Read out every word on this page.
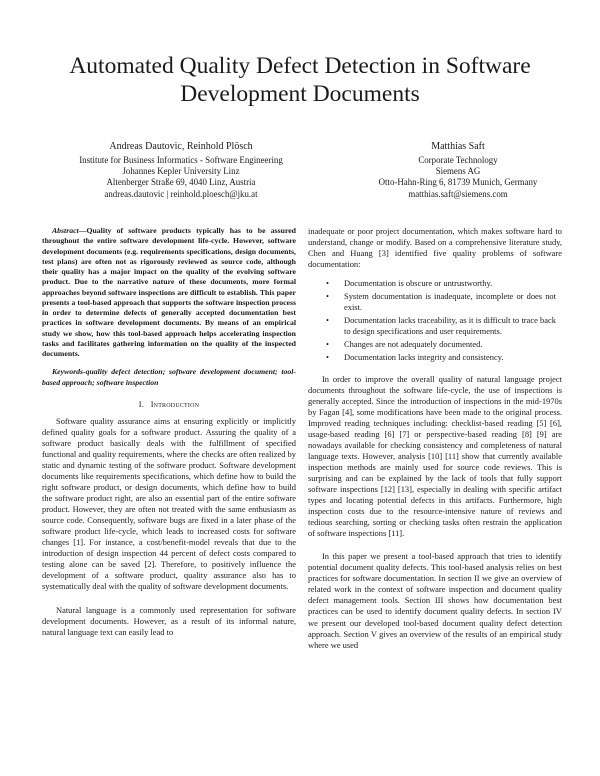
Automated Quality Defect Detection in Software Development Documents
Andreas Dautovic, Reinhold Plösch
Institute for Business Informatics - Software Engineering
Johannes Kepler University Linz
Altenberger Straße 69, 4040 Linz, Austria
andreas.dautovic | reinhold.ploesch@jku.at
Matthias Saft
Corporate Technology
Siemens AG
Otto-Hahn-Ring 6, 81739 Munich, Germany
matthias.saft@siemens.com

Abstract—Quality of software products typically has to be assured throughout the entire software development life-cycle. However, software development documents (e.g. requirements specifications, design documents, test plans) are often not as rigorously reviewed as source code, although their quality has a major impact on the quality of the evolving software product. Due to the narrative nature of these documents, more formal approaches beyond software inspections are difficult to establish. This paper presents a tool-based approach that supports the software inspection process in order to determine defects of generally accepted documentation best practices in software development documents. By means of an empirical study we show, how this tool-based approach helps accelerating inspection tasks and facilitates gathering information on the quality of the inspected documents.

Keywords-quality defect detection; software development document; tool-based approach; software inspection

I. Introduction

Software quality assurance aims at ensuring explicitly or implicitly defined quality goals for a software product. Assuring the quality of a software product basically deals with the fulfillment of specified functional and quality requirements, where the checks are often realized by static and dynamic testing of the software product. Software development documents like requirements specifications, which define how to build the right software product, or design documents, which define how to build the software product right, are also an essential part of the entire software product. However, they are often not treated with the same enthusiasm as source code. Consequently, software bugs are fixed in a later phase of the software product life-cycle, which leads to increased costs for software changes [1]. For instance, a cost/benefit-model reveals that due to the introduction of design inspection 44 percent of defect costs compared to testing alone can be saved [2]. Therefore, to positively influence the development of a software product, quality assurance also has to systematically deal with the quality of software development documents.

Natural language is a commonly used representation for software development documents. However, as a result of its informal nature, natural language text can easily lead to

inadequate or poor project documentation, which makes software hard to understand, change or modify. Based on a comprehensive literature study, Chen and Huang [3] identified five quality problems of software documentation:

• Documentation is obscure or untrustworthy.
• System documentation is inadequate, incomplete or does not exist.
• Documentation lacks traceability, as it is difficult to trace back to design specifications and user requirements.
• Changes are not adequately documented.
• Documentation lacks integrity and consistency.

In order to improve the overall quality of natural language project documents throughout the software life-cycle, the use of inspections is generally accepted. Since the introduction of inspections in the mid-1970s by Fagan [4], some modifications have been made to the original process. Improved reading techniques including: checklist-based reading [5] [6], usage-based reading [6] [7] or perspective-based reading [8] [9] are nowadays available for checking consistency and completeness of natural language texts. However, analysis [10] [11] show that currently available inspection methods are mainly used for source code reviews. This is surprising and can be explained by the lack of tools that fully support software inspections [12] [13], especially in dealing with specific artifact types and locating potential defects in this artifacts. Furthermore, high inspection costs due to the resource-intensive nature of reviews and tedious searching, sorting or checking tasks often restrain the application of software inspections [11].

In this paper we present a tool-based approach that tries to identify potential document quality defects. This tool-based analysis relies on best practices for software documentation. In section II we give an overview of related work in the context of software inspection and document quality defect management tools. Section III shows how documentation best practices can be used to identify document quality defects. In section IV we present our developed tool-based document quality defect detection approach. Section V gives an overview of the results of an empirical study where we used
